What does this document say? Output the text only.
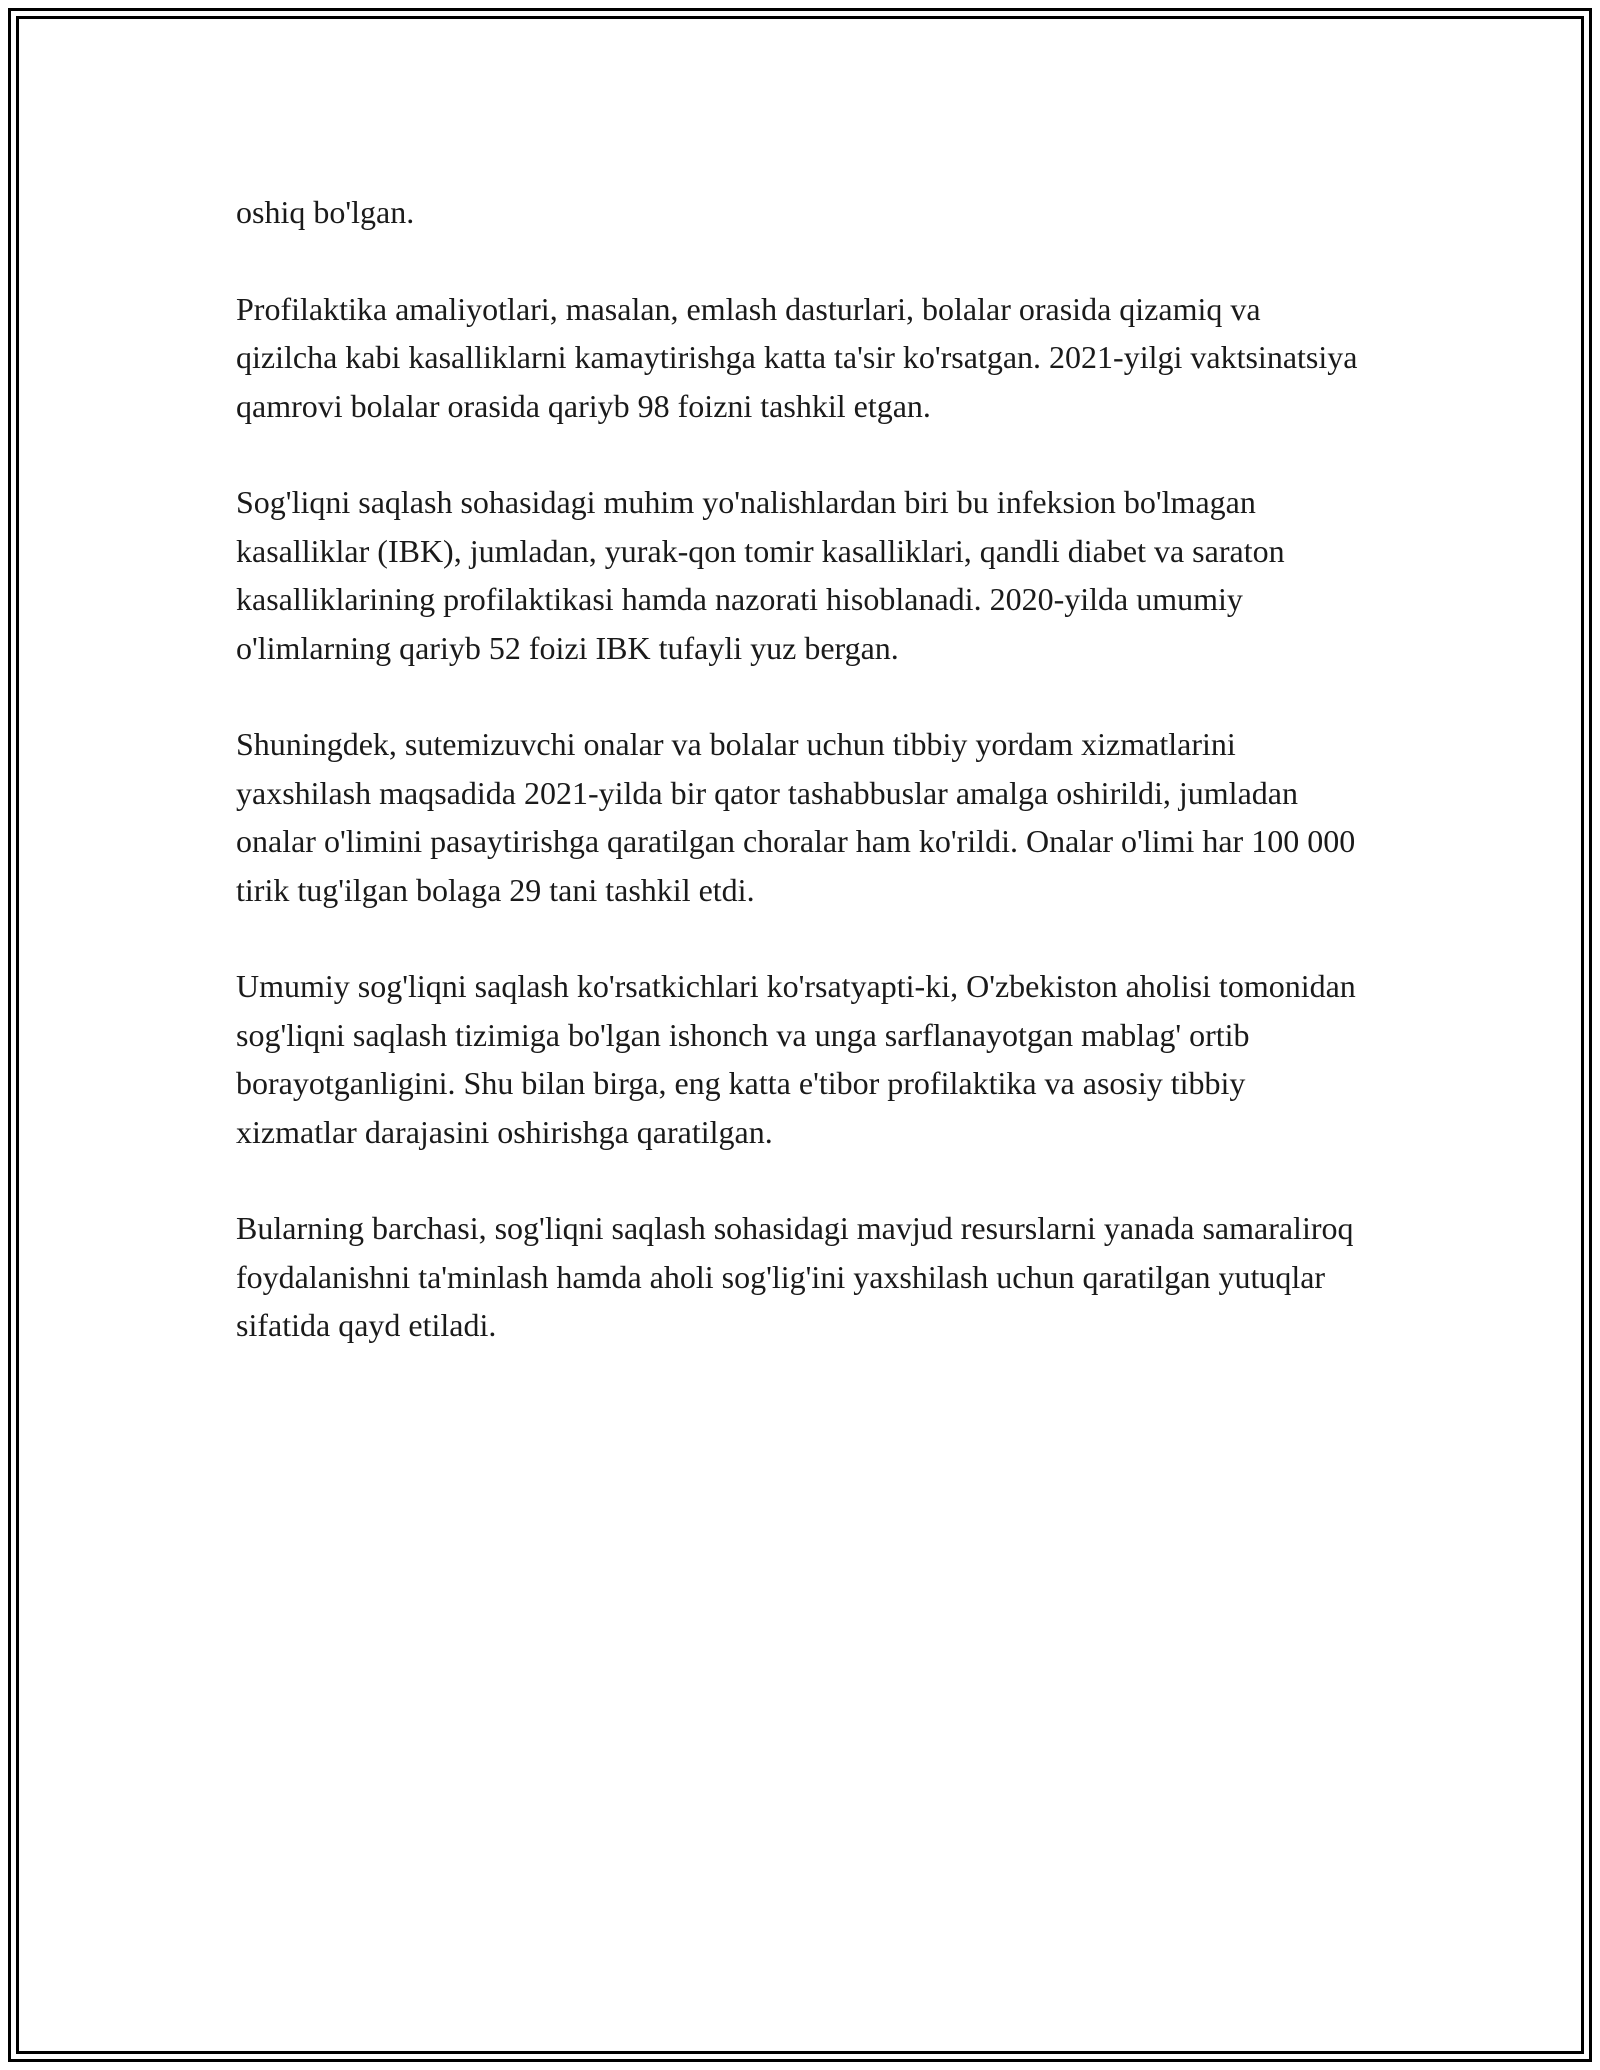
oshiq bo'lgan.

Profilaktika amaliyotlari, masalan, emlash dasturlari, bolalar orasida qizamiq va qizilcha kabi kasalliklarni kamaytirishga katta ta'sir ko'rsatgan. 2021-yilgi vaktsinatsiya qamrovi bolalar orasida qariyb 98 foizni tashkil etgan.

Sog'liqni saqlash sohasidagi muhim yo'nalishlardan biri bu infeksion bo'lmagan kasalliklar (IBK), jumladan, yurak-qon tomir kasalliklari, qandli diabet va saraton kasalliklarining profilaktikasi hamda nazorati hisoblanadi. 2020-yilda umumiy o'limlarning qariyb 52 foizi IBK tufayli yuz bergan.

Shuningdek, sutemizuvchi onalar va bolalar uchun tibbiy yordam xizmatlarini yaxshilash maqsadida 2021-yilda bir qator tashabbuslar amalga oshirildi, jumladan onalar o'limini pasaytirishga qaratilgan choralar ham ko'rildi. Onalar o'limi har 100 000 tirik tug'ilgan bolaga 29 tani tashkil etdi.

Umumiy sog'liqni saqlash ko'rsatkichlari ko'rsatyapti-ki, O'zbekiston aholisi tomonidan sog'liqni saqlash tizimiga bo'lgan ishonch va unga sarflanayotgan mablag' ortib borayotganligini. Shu bilan birga, eng katta e'tibor profilaktika va asosiy tibbiy xizmatlar darajasini oshirishga qaratilgan.

Bularning barchasi, sog'liqni saqlash sohasidagi mavjud resurslarni yanada samaraliroq foydalanishni ta'minlash hamda aholi sog'lig'ini yaxshilash uchun qaratilgan yutuqlar sifatida qayd etiladi.
